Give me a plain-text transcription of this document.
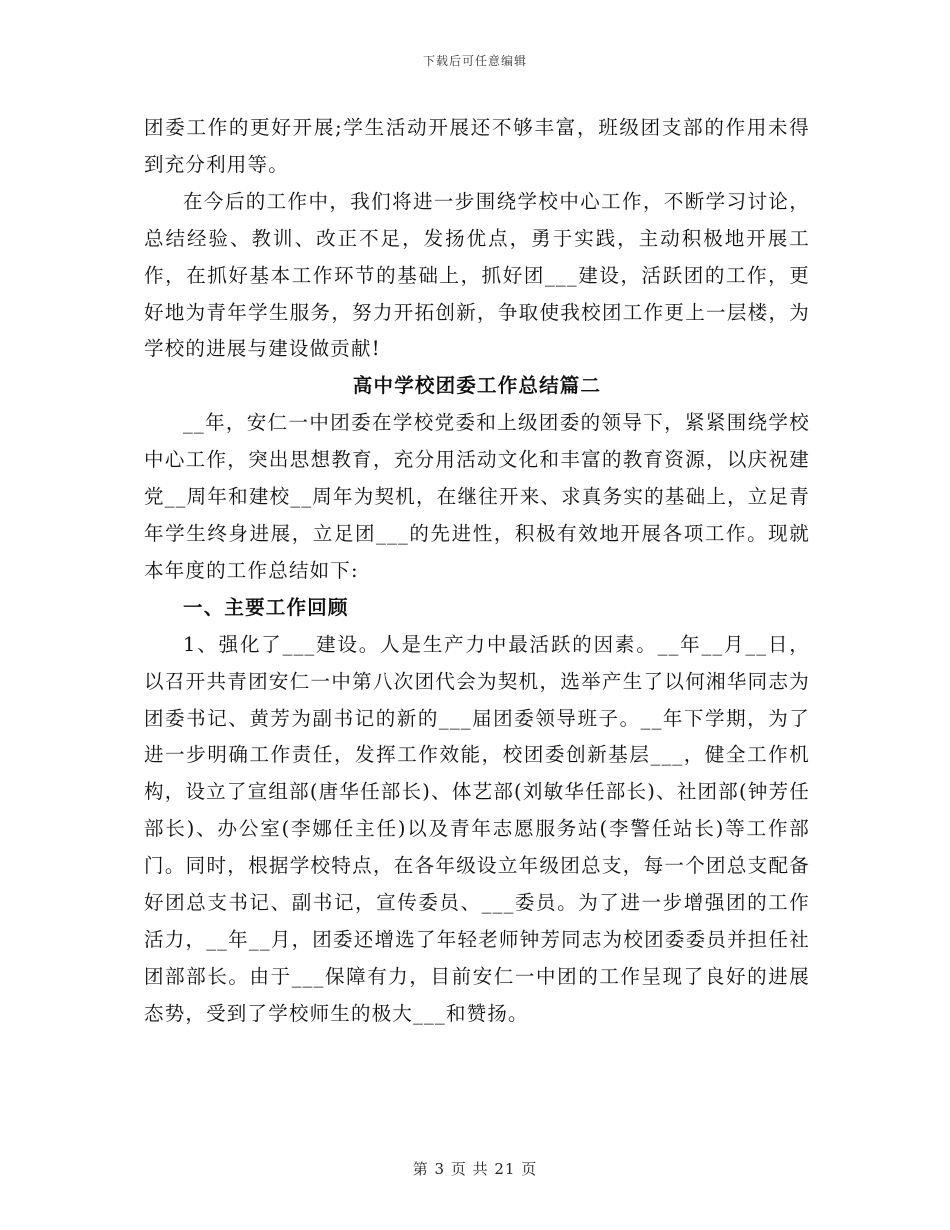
下载后可任意编辑

团委工作的更好开展;学生活动开展还不够丰富，班级团支部的作用未得到充分利用等。

在今后的工作中，我们将进一步围绕学校中心工作，不断学习讨论，总结经验、教训、改正不足，发扬优点，勇于实践，主动积极地开展工作，在抓好基本工作环节的基础上，抓好团___建设，活跃团的工作，更好地为青年学生服务，努力开拓创新，争取使我校团工作更上一层楼，为学校的进展与建设做贡献!

高中学校团委工作总结篇二

__年，安仁一中团委在学校党委和上级团委的领导下，紧紧围绕学校中心工作，突出思想教育，充分用活动文化和丰富的教育资源，以庆祝建党__周年和建校__周年为契机，在继往开来、求真务实的基础上，立足青年学生终身进展，立足团___的先进性，积极有效地开展各项工作。现就本年度的工作总结如下:

一、主要工作回顾

1、强化了___建设。人是生产力中最活跃的因素。__年__月__日，以召开共青团安仁一中第八次团代会为契机，选举产生了以何湘华同志为团委书记、黄芳为副书记的新的___届团委领导班子。__年下学期，为了进一步明确工作责任，发挥工作效能，校团委创新基层___，健全工作机构，设立了宣组部(唐华任部长)、体艺部(刘敏华任部长)、社团部(钟芳任部长)、办公室(李娜任主任)以及青年志愿服务站(李警任站长)等工作部门。同时，根据学校特点，在各年级设立年级团总支，每一个团总支配备好团总支书记、副书记，宣传委员、___委员。为了进一步增强团的工作活力，__年__月，团委还增选了年轻老师钟芳同志为校团委委员并担任社团部部长。由于___保障有力，目前安仁一中团的工作呈现了良好的进展态势，受到了学校师生的极大___和赞扬。

第 3 页 共 21 页
